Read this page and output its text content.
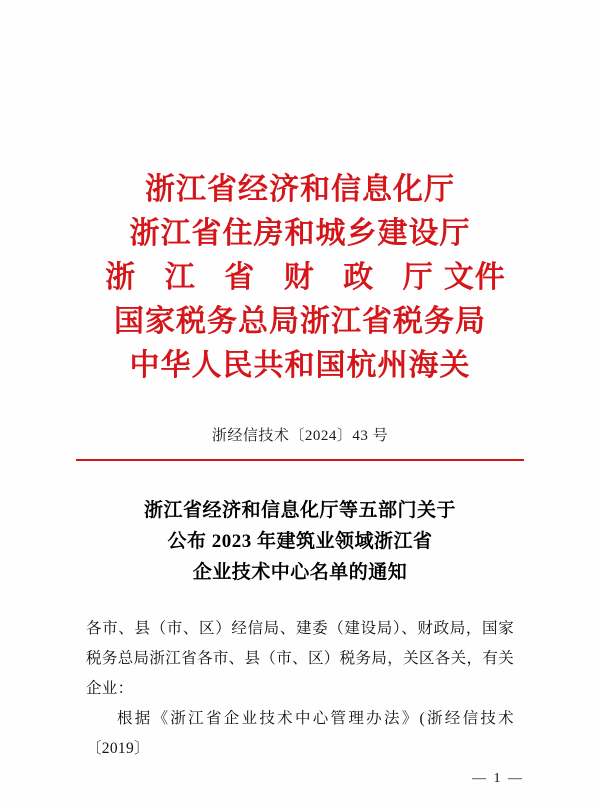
浙江省经济和信息化厅
浙江省住房和城乡建设厅
浙 江 省 财 政 厅 文件
国家税务总局浙江省税务局
中华人民共和国杭州海关
浙经信技术〔2024〕43 号
浙江省经济和信息化厅等五部门关于
公布 2023 年建筑业领域浙江省
企业技术中心名单的通知

各市、县（市、区）经信局、建委（建设局）、财政局，国家税务总局浙江省各市、县（市、区）税务局，关区各关，有关企业：

根据《浙江省企业技术中心管理办法》(浙经信技术〔2019〕

— 1 —
